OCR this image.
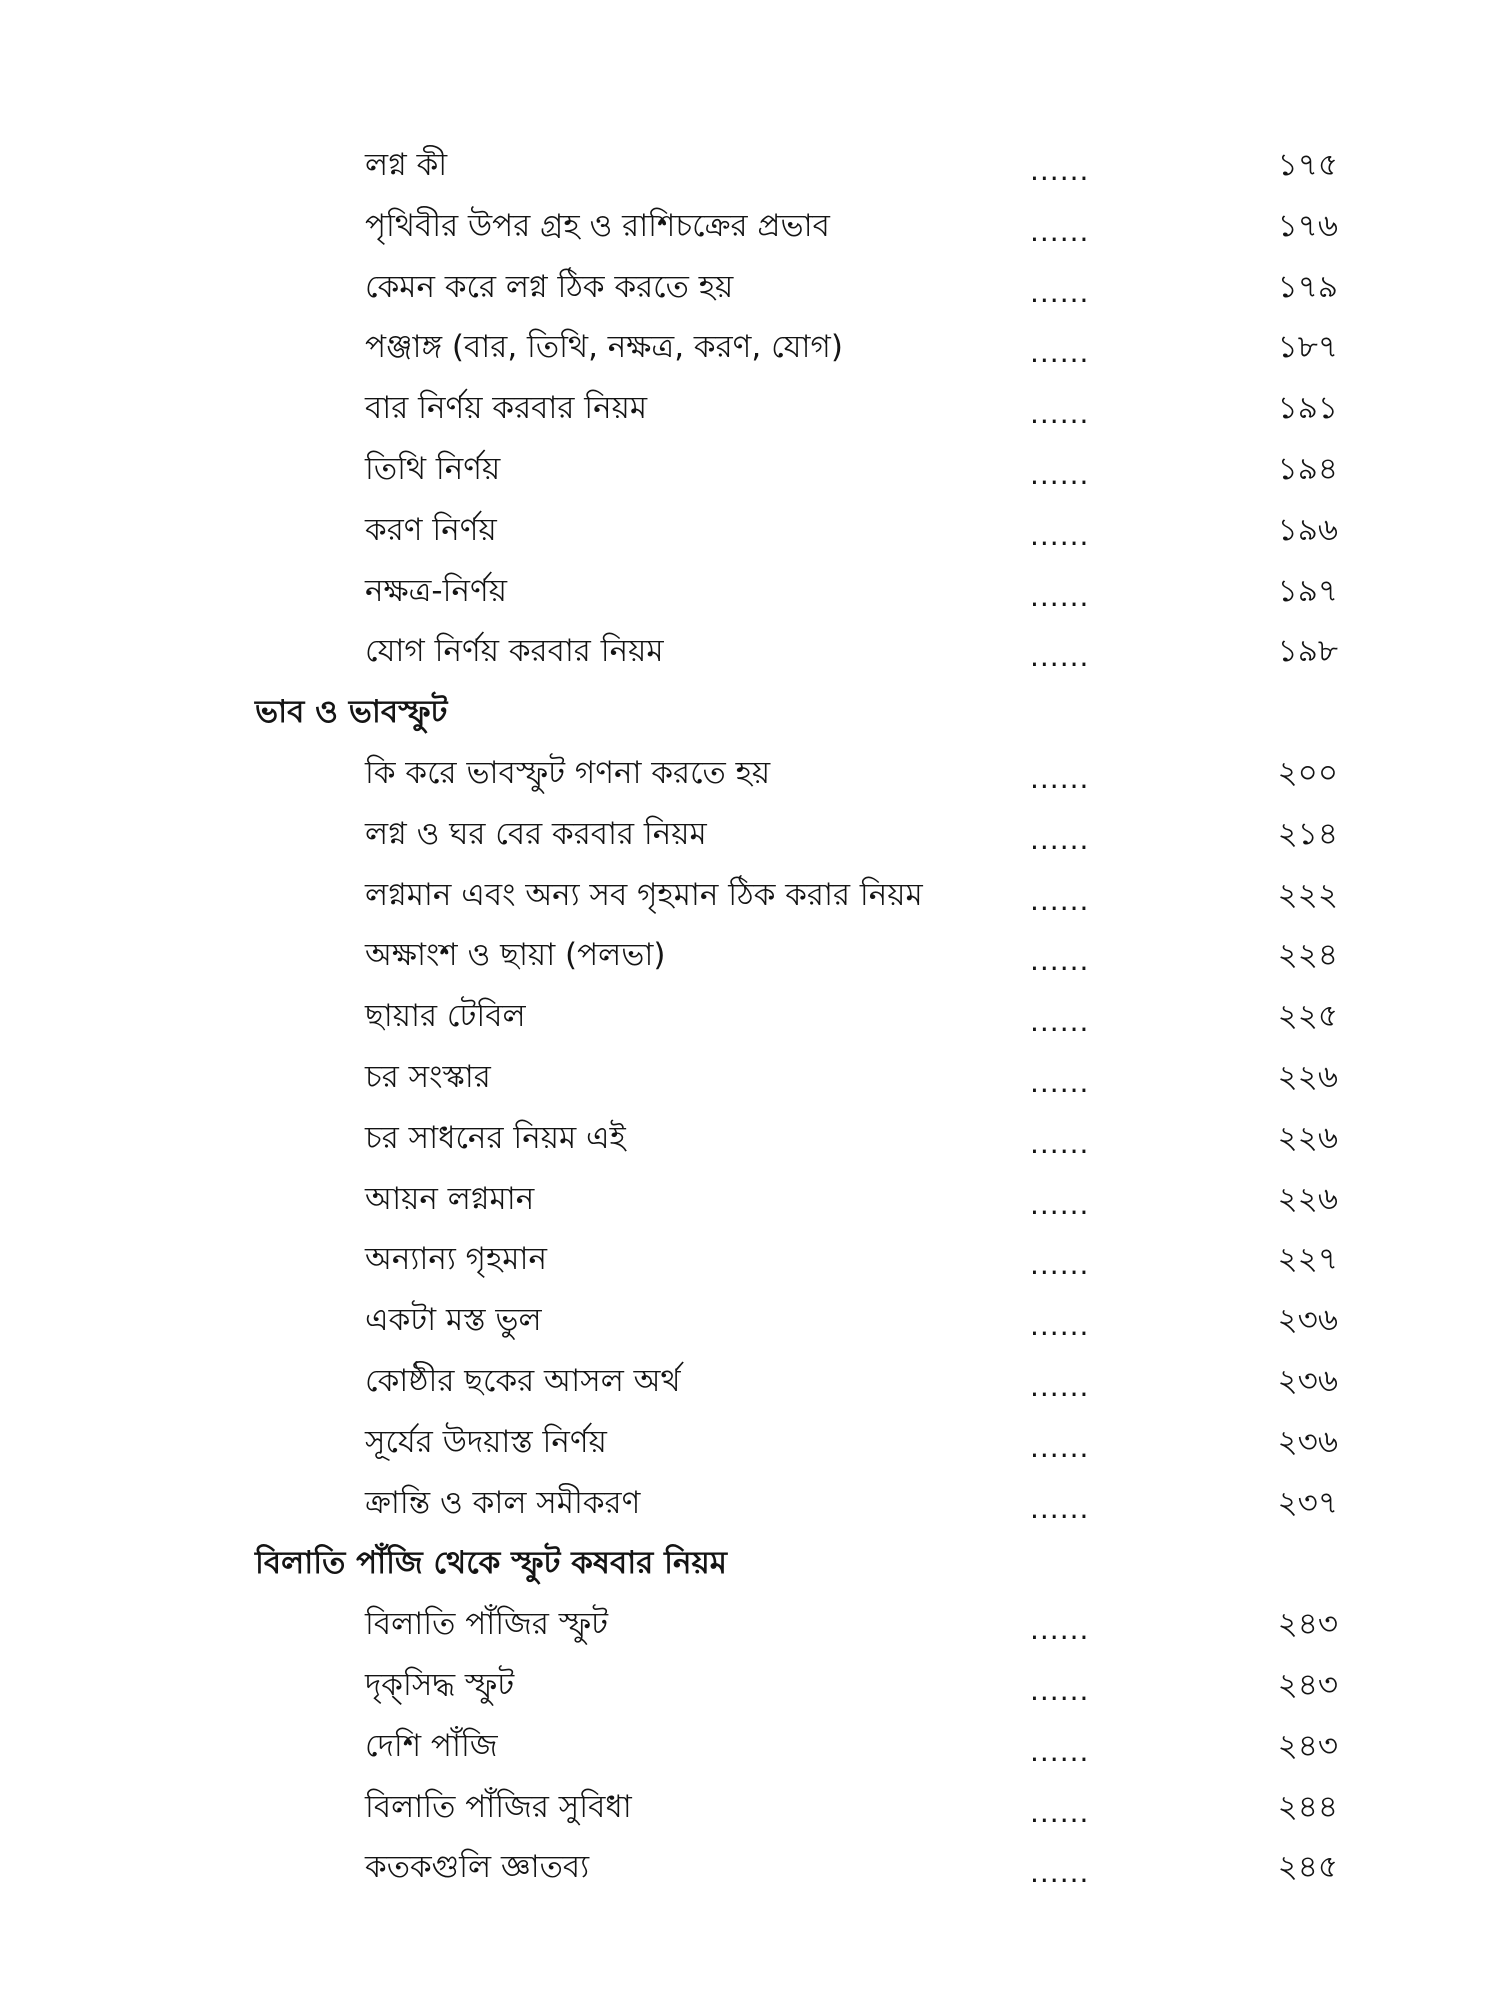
লগ্ন কী	......	১৭৫
পৃথিবীর উপর গ্রহ ও রাশিচক্রের প্রভাব	......	১৭৬
কেমন করে লগ্ন ঠিক করতে হয়	......	১৭৯
পঞ্জাঙ্গ (বার, তিথি, নক্ষত্র, করণ, যোগ)	......	১৮৭
বার নির্ণয় করবার নিয়ম	......	১৯১
তিথি নির্ণয়	......	১৯৪
করণ নির্ণয়	......	১৯৬
নক্ষত্র-নির্ণয়	......	১৯৭
যোগ নির্ণয় করবার নিয়ম	......	১৯৮
ভাব ও ভাবস্ফুট
কি করে ভাবস্ফুট গণনা করতে হয়	......	২০০
লগ্ন ও ঘর বের করবার নিয়ম	......	২১৪
লগ্নমান এবং অন্য সব গৃহমান ঠিক করার নিয়ম	......	২২২
অক্ষাংশ ও ছায়া (পলভা)	......	২২৪
ছায়ার টেবিল	......	২২৫
চর সংস্কার	......	২২৬
চর সাধনের নিয়ম এই	......	২২৬
আয়ন লগ্নমান	......	২২৬
অন্যান্য গৃহমান	......	২২৭
একটা মস্ত ভুল	......	২৩৬
কোষ্ঠীর ছকের আসল অর্থ	......	২৩৬
সূর্যের উদয়াস্ত নির্ণয়	......	২৩৬
ক্রান্তি ও কাল সমীকরণ	......	২৩৭
বিলাতি পাঁজি থেকে স্ফুট কষবার নিয়ম
বিলাতি পাঁজির স্ফুট	......	২৪৩
দৃক্‌সিদ্ধ স্ফুট	......	২৪৩
দেশি পাঁজি	......	২৪৩
বিলাতি পাঁজির সুবিধা	......	২৪৪
কতকগুলি জ্ঞাতব্য	......	২৪৫
